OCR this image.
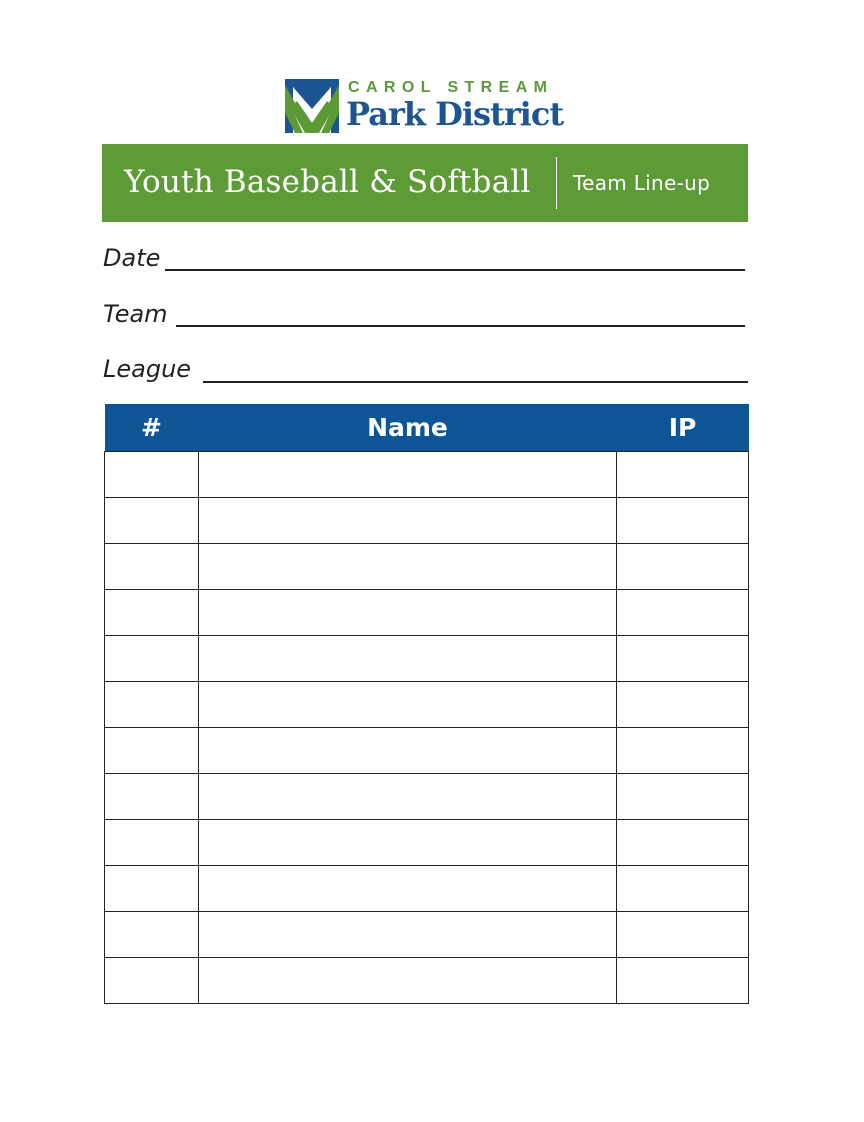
CAROL STREAM
Park District
Youth Baseball & Softball Team Line-up
Date
Team
League
#	Name	IP
